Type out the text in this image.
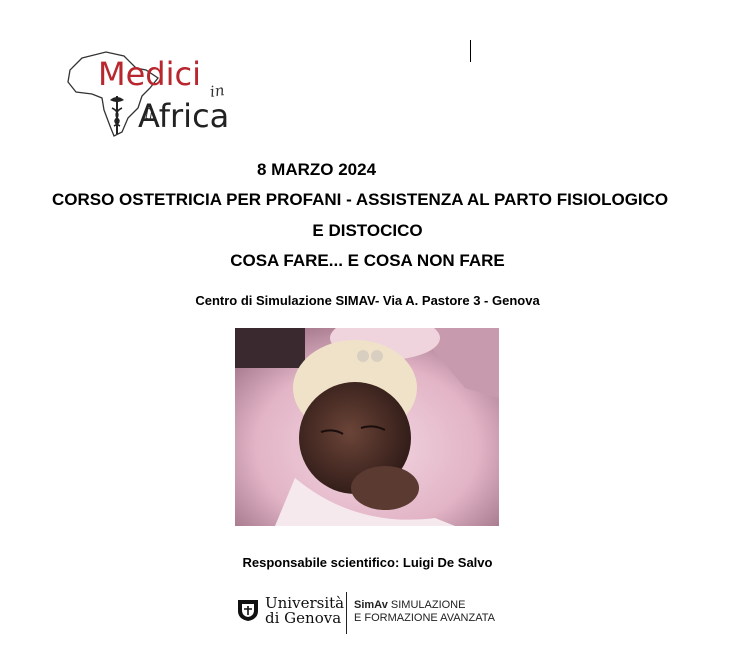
Medici in
Africa
8 MARZO 2024
CORSO OSTETRICIA PER PROFANI - ASSISTENZA AL PARTO FISIOLOGICO
E DISTOCICO
COSA FARE... E COSA NON FARE
Centro di Simulazione SIMAV- Via A. Pastore 3 - Genova
Responsabile scientifico: Luigi De Salvo
Università
di Genova
SimAv SIMULAZIONE
E FORMAZIONE AVANZATA
